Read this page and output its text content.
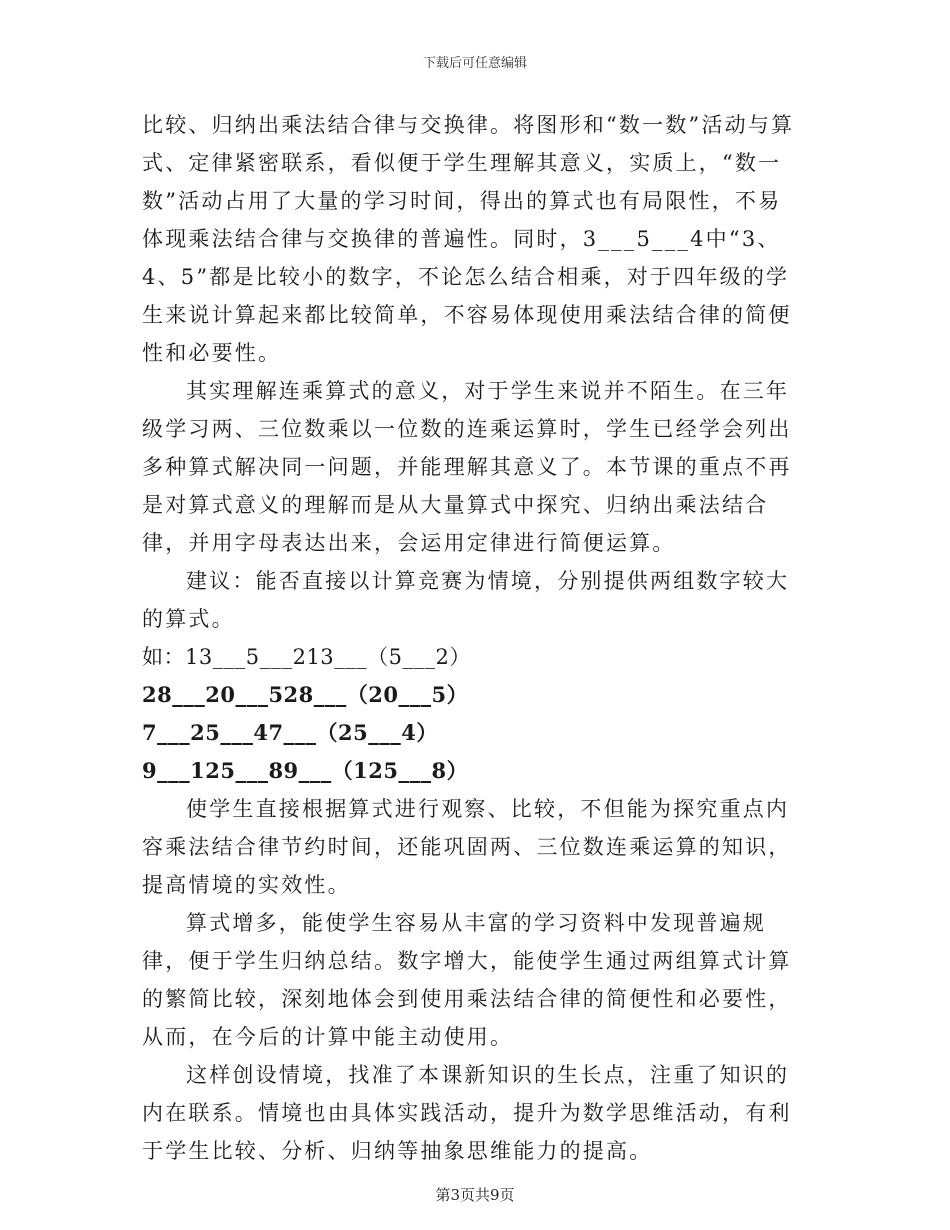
下载后可任意编辑

比较、归纳出乘法结合律与交换律。将图形和“数一数”活动与算式、定律紧密联系，看似便于学生理解其意义，实质上，“数一数”活动占用了大量的学习时间，得出的算式也有局限性，不易体现乘法结合律与交换律的普遍性。同时，3___5___4中“3、4、5”都是比较小的数字，不论怎么结合相乘，对于四年级的学生来说计算起来都比较简单，不容易体现使用乘法结合律的简便性和必要性。

其实理解连乘算式的意义，对于学生来说并不陌生。在三年级学习两、三位数乘以一位数的连乘运算时，学生已经学会列出多种算式解决同一问题，并能理解其意义了。本节课的重点不再是对算式意义的理解而是从大量算式中探究、归纳出乘法结合律，并用字母表达出来，会运用定律进行简便运算。

建议：能否直接以计算竞赛为情境，分别提供两组数字较大的算式。

如：13___5___213___（5___2）

28___20___528___（20___5）

7___25___47___（25___4）

9___125___89___（125___8）

使学生直接根据算式进行观察、比较，不但能为探究重点内容乘法结合律节约时间，还能巩固两、三位数连乘运算的知识，提高情境的实效性。

算式增多，能使学生容易从丰富的学习资料中发现普遍规律，便于学生归纳总结。数字增大，能使学生通过两组算式计算的繁简比较，深刻地体会到使用乘法结合律的简便性和必要性，从而，在今后的计算中能主动使用。

这样创设情境，找准了本课新知识的生长点，注重了知识的内在联系。情境也由具体实践活动，提升为数学思维活动，有利于学生比较、分析、归纳等抽象思维能力的提高。

第3页共9页
